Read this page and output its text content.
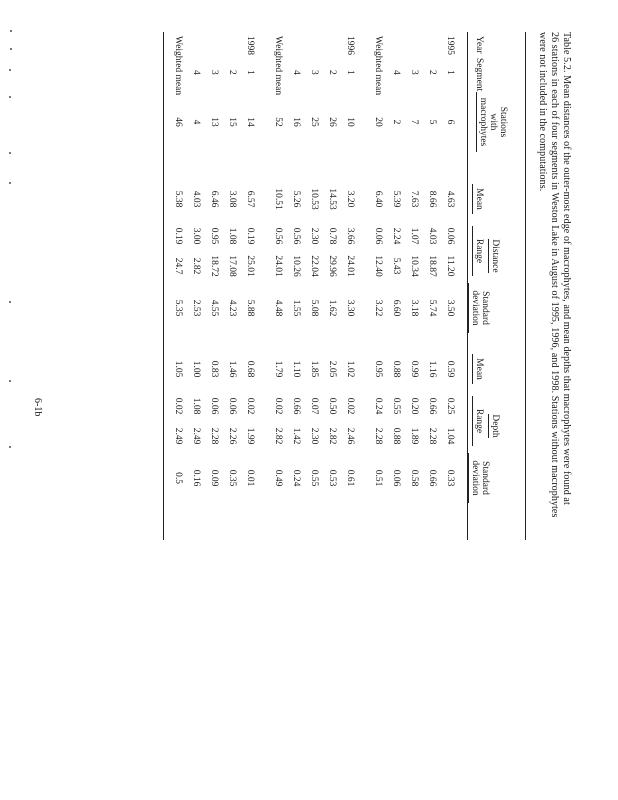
Table 5.2. Mean distances of the outer-most edge of macrophytes, and mean depths that macrophytes were found at
26 stations in each of four segments in Weston Lake in August of 1995, 1996, and 1998. Stations without macrophytes
were not included in the computations.
Stations
with
macrophytes
Distance
Depth
Year
Segment
Mean
Range
Standard
deviation
Mean
Range
Standard
deviation
1995
1
6
4.63
0.06
11.20
3.50
0.59
0.25
1.04
0.33
2
5
8.66
4.03
18.87
5.74
1.16
0.66
2.28
0.66
3
7
7.63
1.07
10.34
3.18
0.99
0.20
1.89
0.58
4
2
5.39
2.24
5.43
6.60
0.88
0.55
0.88
0.06
Weighted mean
20
6.40
0.06
12.40
3.22
0.95
0.24
2.28
0.51
1996
1
10
3.20
3.66
24.01
3.30
1.02
0.02
2.46
0.61
2
26
14.53
0.78
29.96
1.62
2.05
0.50
2.82
0.53
3
25
10.53
2.30
22.04
5.08
1.85
0.07
2.30
0.55
4
16
5.26
0.56
10.26
1.55
1.10
0.66
1.42
0.24
Weighted mean
52
10.51
0.56
24.01
4.48
1.79
0.02
2.82
0.49
1998
1
14
6.57
0.19
25.01
5.88
0.68
0.02
1.99
0.01
2
15
3.08
1.08
17.08
4.23
1.46
0.06
2.26
0.35
3
13
6.46
0.95
18.72
4.55
0.83
0.06
2.28
0.09
4
4
4.03
3.00
2.82
2.53
1.00
1.08
2.49
0.16
Weighted mean
46
5.38
0.19
24.7
5.35
1.05
0.02
2.49
0.5
6-1b
